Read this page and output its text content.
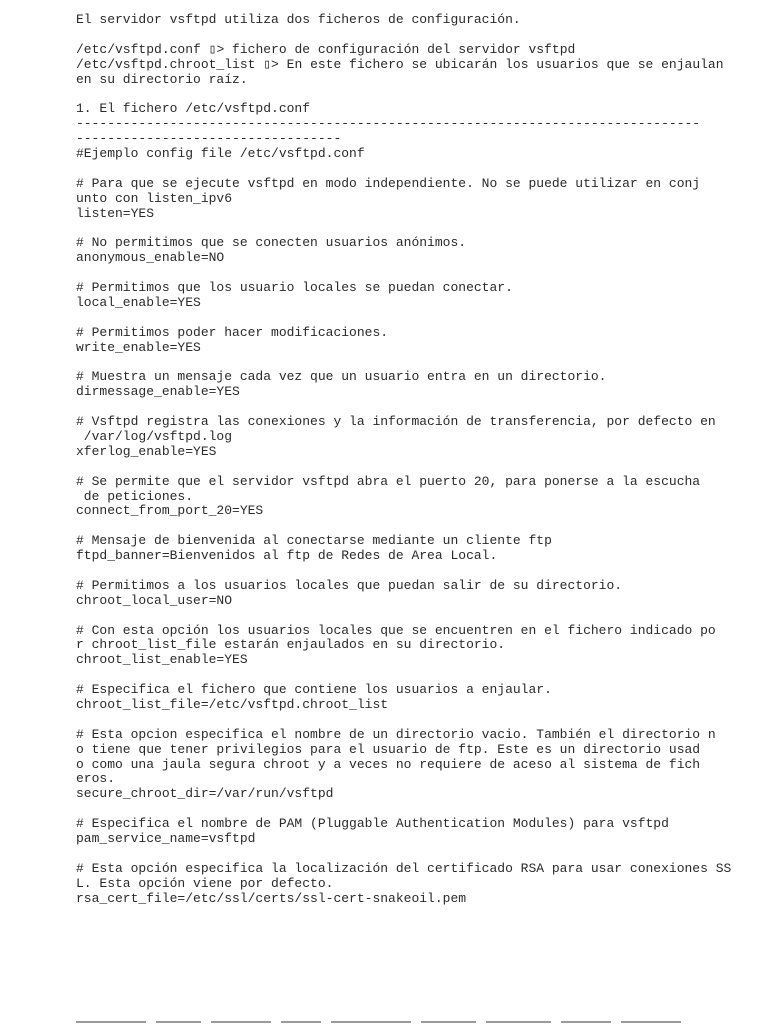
El servidor vsftpd utiliza dos ficheros de configuración.
/etc/vsftpd.conf ▯> fichero de configuración del servidor vsftpd
/etc/vsftpd.chroot_list ▯> En este fichero se ubicarán los usuarios que se enjaulan
en su directorio raíz.
1. El fichero /etc/vsftpd.conf
--------------------------------------------------------------------------------
----------------------------------
#Ejemplo config file /etc/vsftpd.conf
# Para que se ejecute vsftpd en modo independiente. No se puede utilizar en conj
unto con listen_ipv6
listen=YES
# No permitimos que se conecten usuarios anónimos.
anonymous_enable=NO
# Permitimos que los usuario locales se puedan conectar.
local_enable=YES
# Permitimos poder hacer modificaciones.
write_enable=YES
# Muestra un mensaje cada vez que un usuario entra en un directorio.
dirmessage_enable=YES
# Vsftpd registra las conexiones y la información de transferencia, por defecto en
/var/log/vsftpd.log
xferlog_enable=YES
# Se permite que el servidor vsftpd abra el puerto 20, para ponerse a la escucha
de peticiones.
connect_from_port_20=YES
# Mensaje de bienvenida al conectarse mediante un cliente ftp
ftpd_banner=Bienvenidos al ftp de Redes de Area Local.
# Permitimos a los usuarios locales que puedan salir de su directorio.
chroot_local_user=NO
# Con esta opción los usuarios locales que se encuentren en el fichero indicado po
r chroot_list_file estarán enjaulados en su directorio.
chroot_list_enable=YES
# Especifica el fichero que contiene los usuarios a enjaular.
chroot_list_file=/etc/vsftpd.chroot_list
# Esta opcion especifica el nombre de un directorio vacio. También el directorio n
o tiene que tener privilegios para el usuario de ftp. Este es un directorio usad
o como una jaula segura chroot y a veces no requiere de aceso al sistema de fich
eros.
secure_chroot_dir=/var/run/vsftpd
# Especifica el nombre de PAM (Pluggable Authentication Modules) para vsftpd
pam_service_name=vsftpd
# Esta opción especifica la localización del certificado RSA para usar conexiones SS
L. Esta opción viene por defecto.
rsa_cert_file=/etc/ssl/certs/ssl-cert-snakeoil.pem
